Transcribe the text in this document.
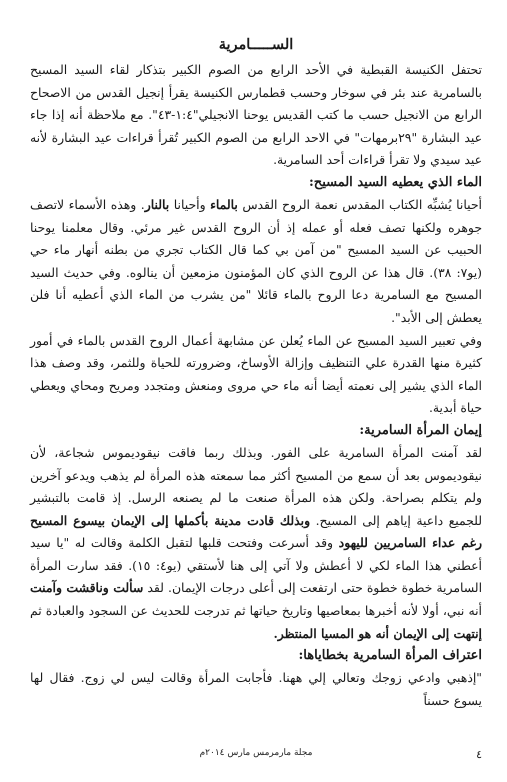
الســـــامرية

تحتفل الكنيسة القبطية في الأحد الرابع من الصوم الكبير بتذكار لقاء السيد المسيح بالسامرية عند بئر في سوخار وحسب قطمارس الكنيسة يقرأ إنجيل القدس من الاصحاح الرابع من الانجيل حسب ما كتب القديس يوحنا الانجيلي"١:٤-٤٣". مع ملاحظة أنه إذا جاء عيد البشارة "٢٩برمهات" في الاحد الرابع من الصوم الكبير تُقرأ قراءات عيد البشارة لأنه عيد سيدي ولا تقرأ قراءات أحد السامرية.

الماء الذي يعطيه السيد المسيح:

أحيانا يُشبِّه الكتاب المقدس نعمة الروح القدس بالماء وأحيانا بالنار. وهذه الأسماء لاتصف جوهره ولكنها تصف فعله أو عمله إذ أن الروح القدس غير مرئي. وقال معلمنا يوحنا الحبيب عن السيد المسيح "من آمن بي كما قال الكتاب تجري من بطنه أنهار ماء حي (يو٧: ٣٨). قال هذا عن الروح الذي كان المؤمنون مزمعين أن ينالوه. وفي حديث السيد المسيح مع السامرية دعا الروح بالماء قائلا "من يشرب من الماء الذي أعطيه أنا فلن يعطش إلى الأبد".

وفي تعبير السيد المسيح عن الماء يُعلن عن مشابهة أعمال الروح القدس بالماء في أمور كثيرة منها القدرة علي التنظيف وإزالة الأوساخ، وضرورته للحياة وللثمر، وقد وصف هذا الماء الذي يشير إلى نعمته أيضا أنه ماء حي مروى ومنعش ومتجدد ومريح ومحاي ويعطي حياة أبدية.

إيمان المرأة السامرية:

لقد آمنت المرأة السامرية على الفور. وبذلك ربما فاقت نيقوديموس شجاعة، لأن نيقوديموس بعد أن سمع من المسيح أكثر مما سمعته هذه المرأة لم يذهب ويدعو آخرين ولم يتكلم بصراحة. ولكن هذه المرأة صنعت ما لم يصنعه الرسل. إذ قامت بالتبشير للجميع داعية إياهم إلى المسيح. وبذلك قادت مدينة بأكملها إلى الإيمان بيسوع المسيح رغم عداء السامريين لليهود وقد أسرعت وفتحت قلبها لتقبل الكلمة وقالت له "يا سيد أعطني هذا الماء لكي لا أعطش ولا آتي إلى هنا لأستقي (يو٤: ١٥). فقد سارت المرأة السامرية خطوة خطوة حتى ارتفعت إلى أعلى درجات الإيمان. لقد سألت وناقشت وآمنت أنه نبي، أولا لأنه أخبرها بمعاصيها وتاريخ حياتها ثم تدرجت للحديث عن السجود والعبادة ثم إنتهت إلى الإيمان أنه هو المسيا المنتظر.

اعتراف المرأة السامرية بخطاياها:

"إذهبي وادعي زوجك وتعالي إلي ههنا. فأجابت المرأة وقالت ليس لي زوج. فقال لها يسوع حسناً

٤
مجلة مارمرمس مارس ٢٠١٤م
